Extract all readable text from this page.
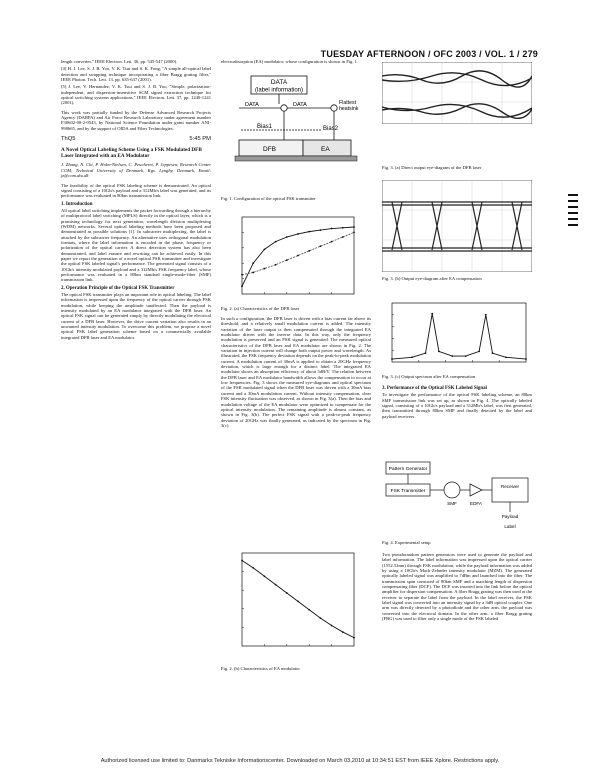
TUESDAY AFTERNOON / OFC 2003 / VOL. 1 / 279

length converter," IEEE Electron. Lett. 36, pp. 545-547 (2000).

[4] H. J. Lee, S. J. B. Yoo, V. K. Tsui and S. K. Fong, "A simple all-optical label detection and swapping technique incorporating a fiber Bragg grating filter," IEEE Photon. Tech. Lett. 13, pp. 635-637 (2001).

[5] J. Lee, V. Hernandez, V. K. Tsui and S. J. B. Yoo, "Simple, polarization-independent, and dispersion-insensitive SCM signal extraction technique for optical switching systems applications," IEEE Electron. Lett. 37, pp. 1240-1241 (2001).

This work was partially funded by the Defense Advanced Research Projects Agency (DARPA) and Air Force Research Laboratory under agreement number F30602-00-2-0543, by National Science Foundation under grant number ANI-998665, and by the support of OIDA and Fiber Technologies.

ThQ5	5:45 PM
A Novel Optical Labeling Scheme Using a FSK Modulated DFB Laser Integrated with an EA Modulator
J. Zhang, N. Chi, P. Holm-Nielsen, C. Peucheret, P. Jeppesen, Research Center COM, Technical University of Denmark, Kgs. Lyngby, Denmark, Email: jz@com.dtu.dk

The feasibility of the optical FSK labeling scheme is demonstrated. An optical signal consisting of a 10Gb/s payload and a 312Mb/s label was generated, and its performance was evaluated in 80km transmission link.

1. Introduction

All optical label switching implements the packet forwarding through a hierarchy of multiprotocol label switching (MPLS) directly in the optical layer, which is a promising technology for next generation, wavelength division multiplexing (WDM) networks. Several optical labeling methods have been proposed and demonstrated as possible solutions [1]. In subcarrier multiplexing, the label is attached by the subcarrier frequency. An alternative uses orthogonal modulation formats, where the label information is encoded in the phase, frequency or polarization of the optical carrier. A direct detection system has also been demonstrated, and label erasure and rewriting can be achieved easily. In this paper we report the generation of a novel optical FSK transmitter and investigate the optical FSK labeled signal's performance. The generated signal consists of a 10Gb/s intensity modulated payload and a 312Mb/s FSK frequency label, whose performance was evaluated in a 80km standard single-mode-fiber (SMF) transmission link.

2. Operation Principle of the Optical FSK Transmitter

The optical FSK transmitter plays an important role in optical labeling. The label information is impressed upon the frequency of the optical carrier through FSK modulation, while keeping the amplitude unaffected. Then the payload is intensity modulated by an EA modulator integrated with the DFB laser. An optical FSK signal can be generated simply by directly modulating the electrical current of a DFB laser. However, the drive current variation also results in an unwanted intensity modulation. To overcome this problem, we propose a novel optical FSK label generation scheme based on a commercially available integrated DFB laser and EA modulator.

electroabsorption (EA) modulator, whose configuration is shown in Fig. 1.

DATA
(label information)
DATA	DATA
Bias1	Bias2
Flattest
heatsink
DFB	EA
Fig. 1. Configuration of the optical FSK transmitter
Fig. 2. (a) Characteristics of the DFB laser

In such a configuration, the DFB laser is driven with a bias current far above its threshold, and a relatively small modulation current is added. The intensity variation of the laser output is then compensated through the integrated EA modulator driven with the inverse data. In this way, only the frequency modulation is preserved and an FSK signal is generated. The measured optical characteristics of the DFB laser and EA modulator are shown in Fig. 2. The variation in injection current will change both output power and wavelength. As illustrated, the FSK frequency deviation depends on the peak-to-peak modulation current. A modulation current of 30mA is applied to obtain a 20GHz frequency deviation, which is large enough for a distinct label. The integrated EA modulator shows an absorption efficiency of about 5dB/V. The relation between the DFB laser and EA modulator bandwidth allows the compensation to occur at low frequencies. Fig. 3 shows the measured eye-diagrams and optical spectrum of the FSK modulated signal when the DFB laser was driven with a 30mA bias current and a 30mA modulation current. Without intensity compensation, clear FSK intensity fluctuation was observed, as shown in Fig. 3(a). Then the bias and modulation voltage of the EA modulator were optimized to compensate for the optical intensity modulation. The remaining amplitude is almost constant, as shown in Fig. 3(b). The perfect FSK signal with a peak-to-peak frequency deviation of 20GHz was finally generated, as indicated by the spectrum in Fig. 3(c).

Fig. 2. (b) Characteristics of EA modulator
Fig. 3. (a) Direct output eye-diagram of the DFB laser
Fig. 3. (b) Output eye-diagram after EA compensation
Fig. 3. (c) Output spectrum after EA compensation
3. Performance of the Optical FSK Labeled Signal

To investigate the performance of the optical FSK labeling scheme, an 80km SMF transmission link was set up, as shown in Fig. 4. The optically labeled signal, consisting of a 10Gb/s payload and a 312Mb/s label, was first generated, then transmitted through 80km SMF and finally detected by the label and payload receivers.

Pattern Generator
FSK Transmitter
SMF	EDFA
Receiver
Payload
Label
Fig. 4. Experimental setup

Two pseudorandom pattern generators were used to generate the payload and label information. The label information was impressed upon the optical carrier (1552.52nm) through FSK modulation, while the payload information was added by using a 10Gb/s Mach-Zehnder intensity modulator (MZM). The generated optically labeled signal was amplified to 7dBm and launched into the fiber. The transmission span consisted of 80km SMF and a matching length of dispersion compensating fiber (DCF). The DCF was inserted into the link before the optical amplifier for dispersion compensation. A fiber Bragg grating was then used at the receiver to separate the label from the payload. In the label receiver, the FSK label signal was converted into an intensity signal by a 3dB optical coupler. One arm was directly detected by a photodiode and the other arm, the payload was converted into the electrical domain. In the other arm, a fiber Bragg grating (FBG) was used to filter only a single mode of the FSK labeled

Authorized licensed use limited to: Danmarks Tekniske Informationscenter. Downloaded on March 03,2010 at 10:34:51 EST from IEEE Xplore. Restrictions apply.
